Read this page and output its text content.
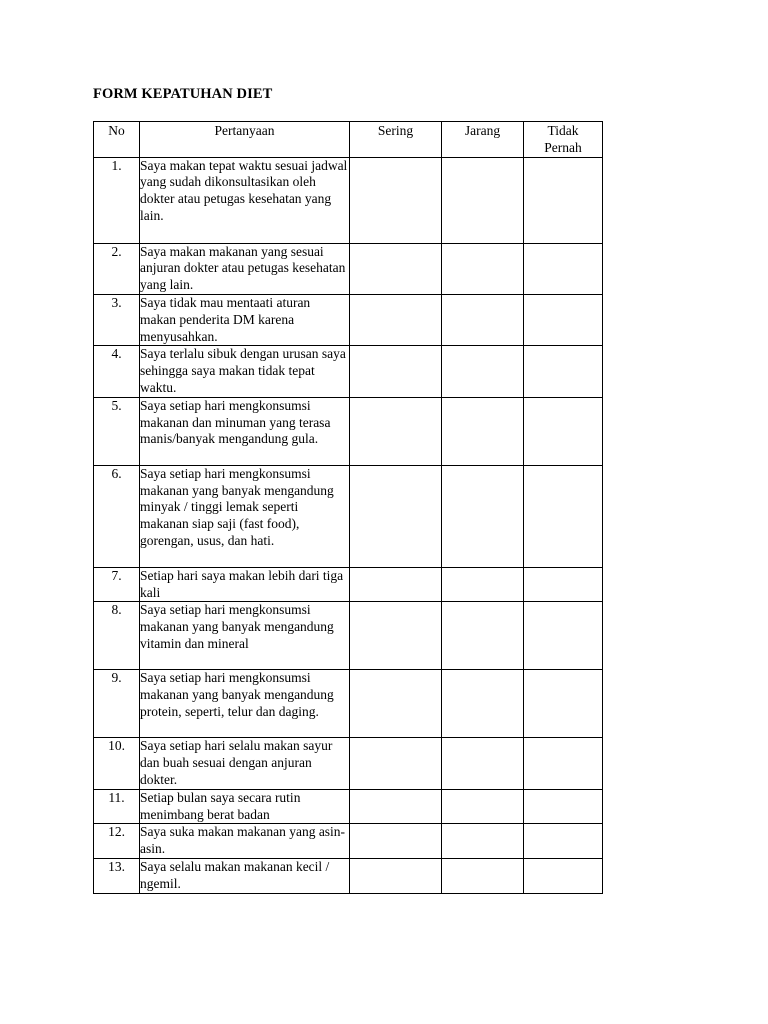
FORM KEPATUHAN DIET
No	Pertanyaan	Sering	Jarang	Tidak
Pernah
1.	Saya makan tepat waktu sesuai jadwal yang sudah dikonsultasikan oleh dokter atau petugas kesehatan yang lain.			
2.	Saya makan makanan yang sesuai anjuran dokter atau petugas kesehatan yang lain.			
3.	Saya tidak mau mentaati aturan makan penderita DM karena menyusahkan.			
4.	Saya terlalu sibuk dengan urusan saya sehingga saya makan tidak tepat waktu.			
5.	Saya setiap hari mengkonsumsi makanan dan minuman yang terasa manis/banyak mengandung gula.			
6.	Saya setiap hari mengkonsumsi makanan yang banyak mengandung minyak / tinggi lemak seperti makanan siap saji (fast food), gorengan, usus, dan hati.			
7.	Setiap hari saya makan lebih dari tiga kali			
8.	Saya setiap hari mengkonsumsi makanan yang banyak mengandung vitamin dan mineral			
9.	Saya setiap hari mengkonsumsi makanan yang banyak mengandung protein, seperti, telur dan daging.			
10.	Saya setiap hari selalu makan sayur dan buah sesuai dengan anjuran dokter.			
11.	Setiap bulan saya secara rutin menimbang berat badan			
12.	Saya suka makan makanan yang asin- asin.			
13.	Saya selalu makan makanan kecil / ngemil.			
